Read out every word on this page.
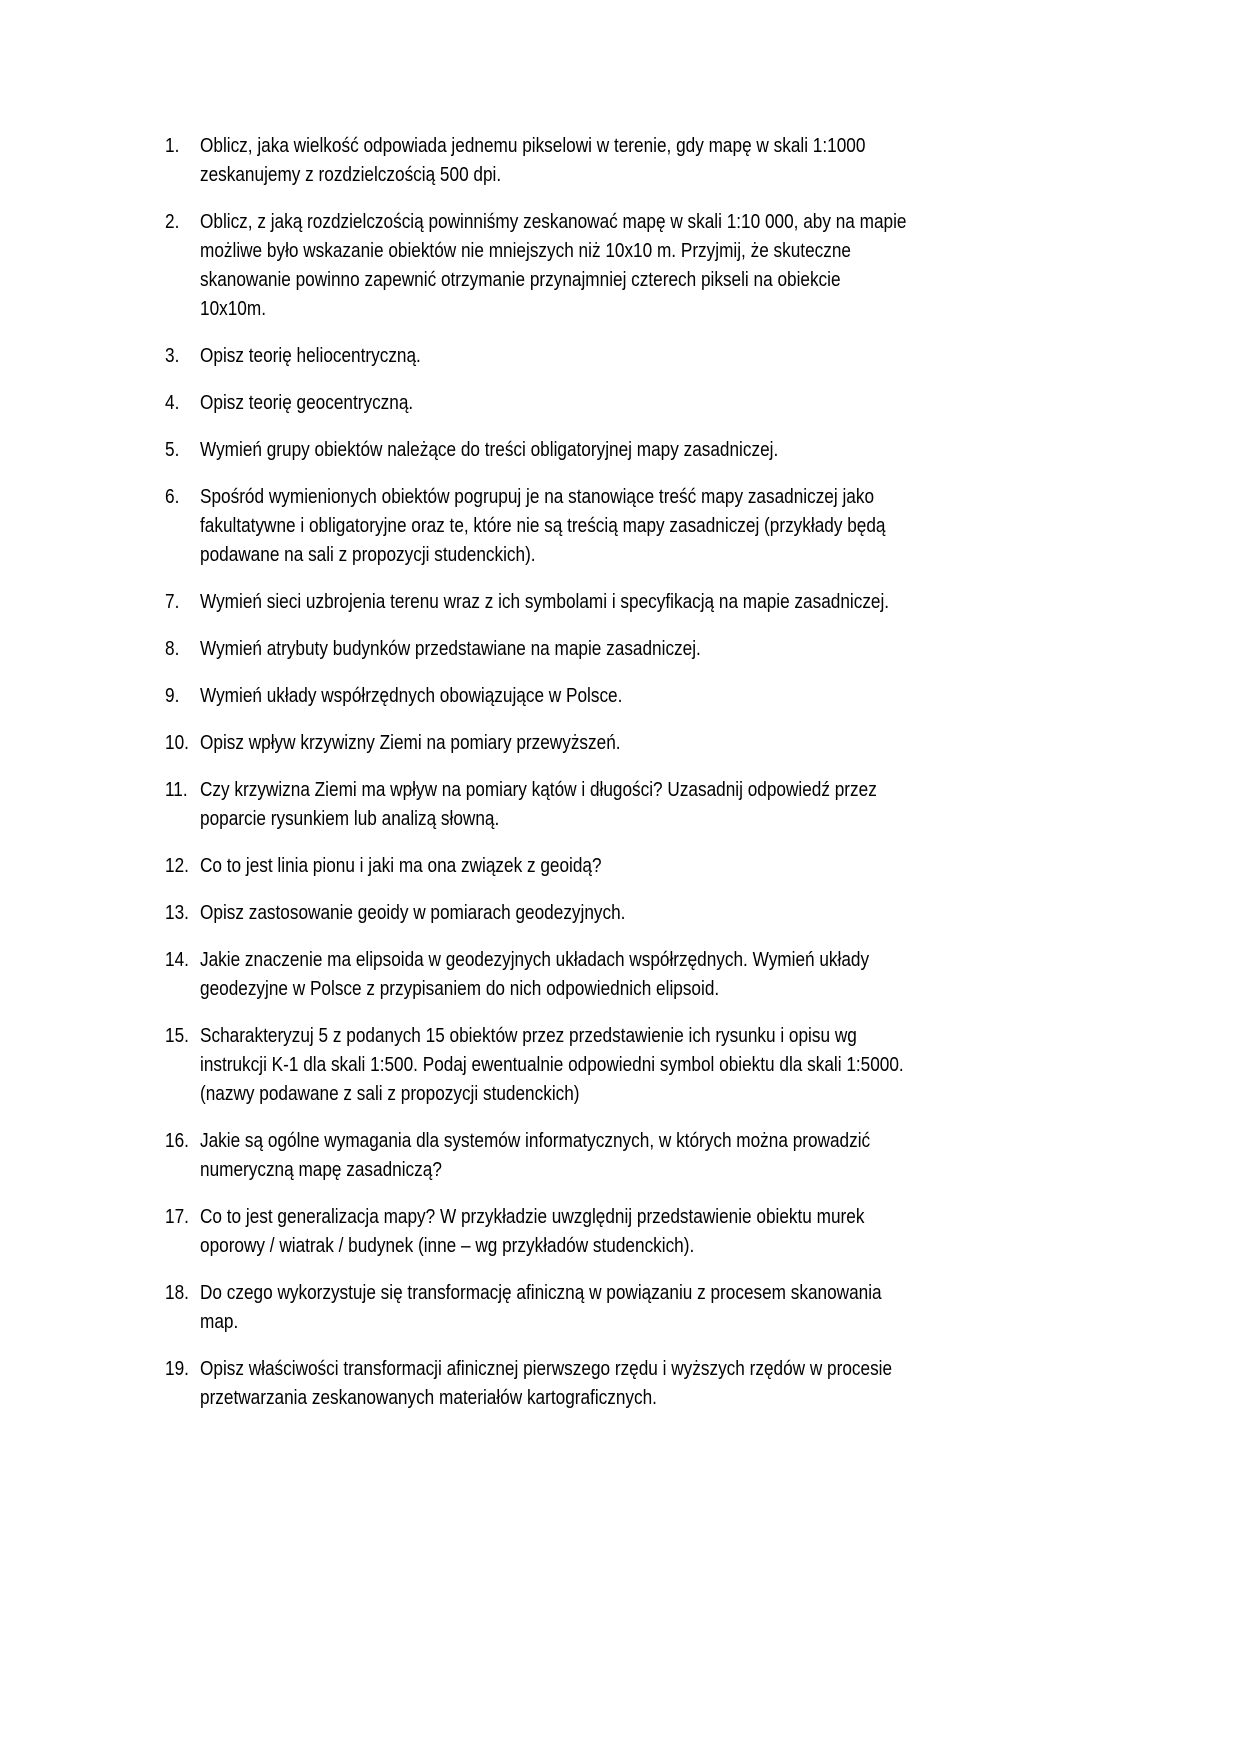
1. Oblicz, jaka wielkość odpowiada jednemu pikselowi w terenie, gdy mapę w skali 1:1000
zeskanujemy z rozdzielczością 500 dpi.
2. Oblicz, z jaką rozdzielczością powinniśmy zeskanować mapę w skali 1:10 000, aby na mapie
możliwe było wskazanie obiektów nie mniejszych niż 10x10 m. Przyjmij, że skuteczne
skanowanie powinno zapewnić otrzymanie przynajmniej czterech pikseli na obiekcie
10x10m.
3. Opisz teorię heliocentryczną.
4. Opisz teorię geocentryczną.
5. Wymień grupy obiektów należące do treści obligatoryjnej mapy zasadniczej.
6. Spośród wymienionych obiektów pogrupuj je na stanowiące treść mapy zasadniczej jako
fakultatywne i obligatoryjne oraz te, które nie są treścią mapy zasadniczej (przykłady będą
podawane na sali z propozycji studenckich).
7. Wymień sieci uzbrojenia terenu wraz z ich symbolami i specyfikacją na mapie zasadniczej.
8. Wymień atrybuty budynków przedstawiane na mapie zasadniczej.
9. Wymień układy współrzędnych obowiązujące w Polsce.
10. Opisz wpływ krzywizny Ziemi na pomiary przewyższeń.
11. Czy krzywizna Ziemi ma wpływ na pomiary kątów i długości? Uzasadnij odpowiedź przez
poparcie rysunkiem lub analizą słowną.
12. Co to jest linia pionu i jaki ma ona związek z geoidą?
13. Opisz zastosowanie geoidy w pomiarach geodezyjnych.
14. Jakie znaczenie ma elipsoida w geodezyjnych układach współrzędnych. Wymień układy
geodezyjne w Polsce z przypisaniem do nich odpowiednich elipsoid.
15. Scharakteryzuj 5 z podanych 15 obiektów przez przedstawienie ich rysunku i opisu wg
instrukcji K-1 dla skali 1:500. Podaj ewentualnie odpowiedni symbol obiektu dla skali 1:5000.
(nazwy podawane z sali z propozycji studenckich)
16. Jakie są ogólne wymagania dla systemów informatycznych, w których można prowadzić
numeryczną mapę zasadniczą?
17. Co to jest generalizacja mapy? W przykładzie uwzględnij przedstawienie obiektu murek
oporowy / wiatrak / budynek (inne – wg przykładów studenckich).
18. Do czego wykorzystuje się transformację afiniczną w powiązaniu z procesem skanowania
map.
19. Opisz właściwości transformacji afinicznej pierwszego rzędu i wyższych rzędów w procesie
przetwarzania zeskanowanych materiałów kartograficznych.
